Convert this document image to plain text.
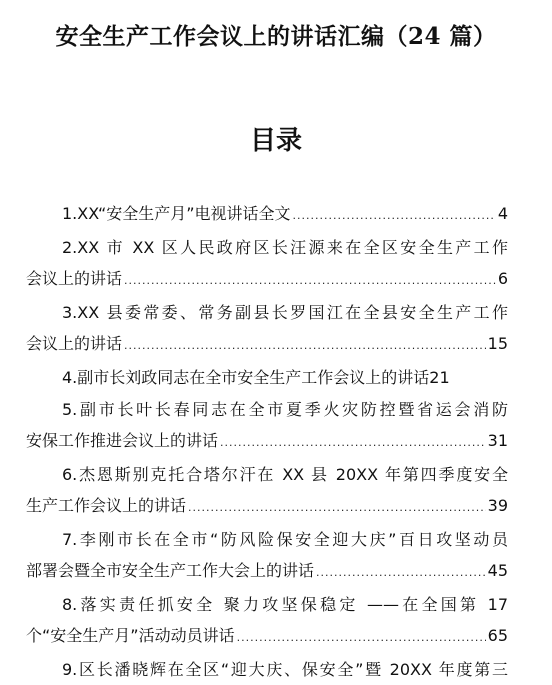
安全生产工作会议上的讲话汇编（24 篇）
目录
1.XX“安全生产月”电视讲话全文 .....	4
2.XX 市 XX 区人民政府区长汪源来在全区安全生产工作
会议上的讲话 .....	6
3.XX 县委常委、常务副县长罗国江在全县安全生产工作
会议上的讲话 .....	15
4.副市长刘政同志在全市安全生产工作会议上的讲话 21
5.副市长叶长春同志在全市夏季火灾防控暨省运会消防
安保工作推进会议上的讲话 .....	31
6.杰恩斯别克托合塔尔汗在 XX 县 20XX 年第四季度安全
生产工作会议上的讲话 .....	39
7.李刚市长在全市“防风险保安全迎大庆”百日攻坚动员
部署会暨全市安全生产工作大会上的讲话 .....	45
8.落实责任抓安全 聚力攻坚保稳定 ——在全国第 17
个“安全生产月”活动动员讲话 .....	65
9.区长潘晓辉在全区“迎大庆、保安全”暨 20XX 年度第三
